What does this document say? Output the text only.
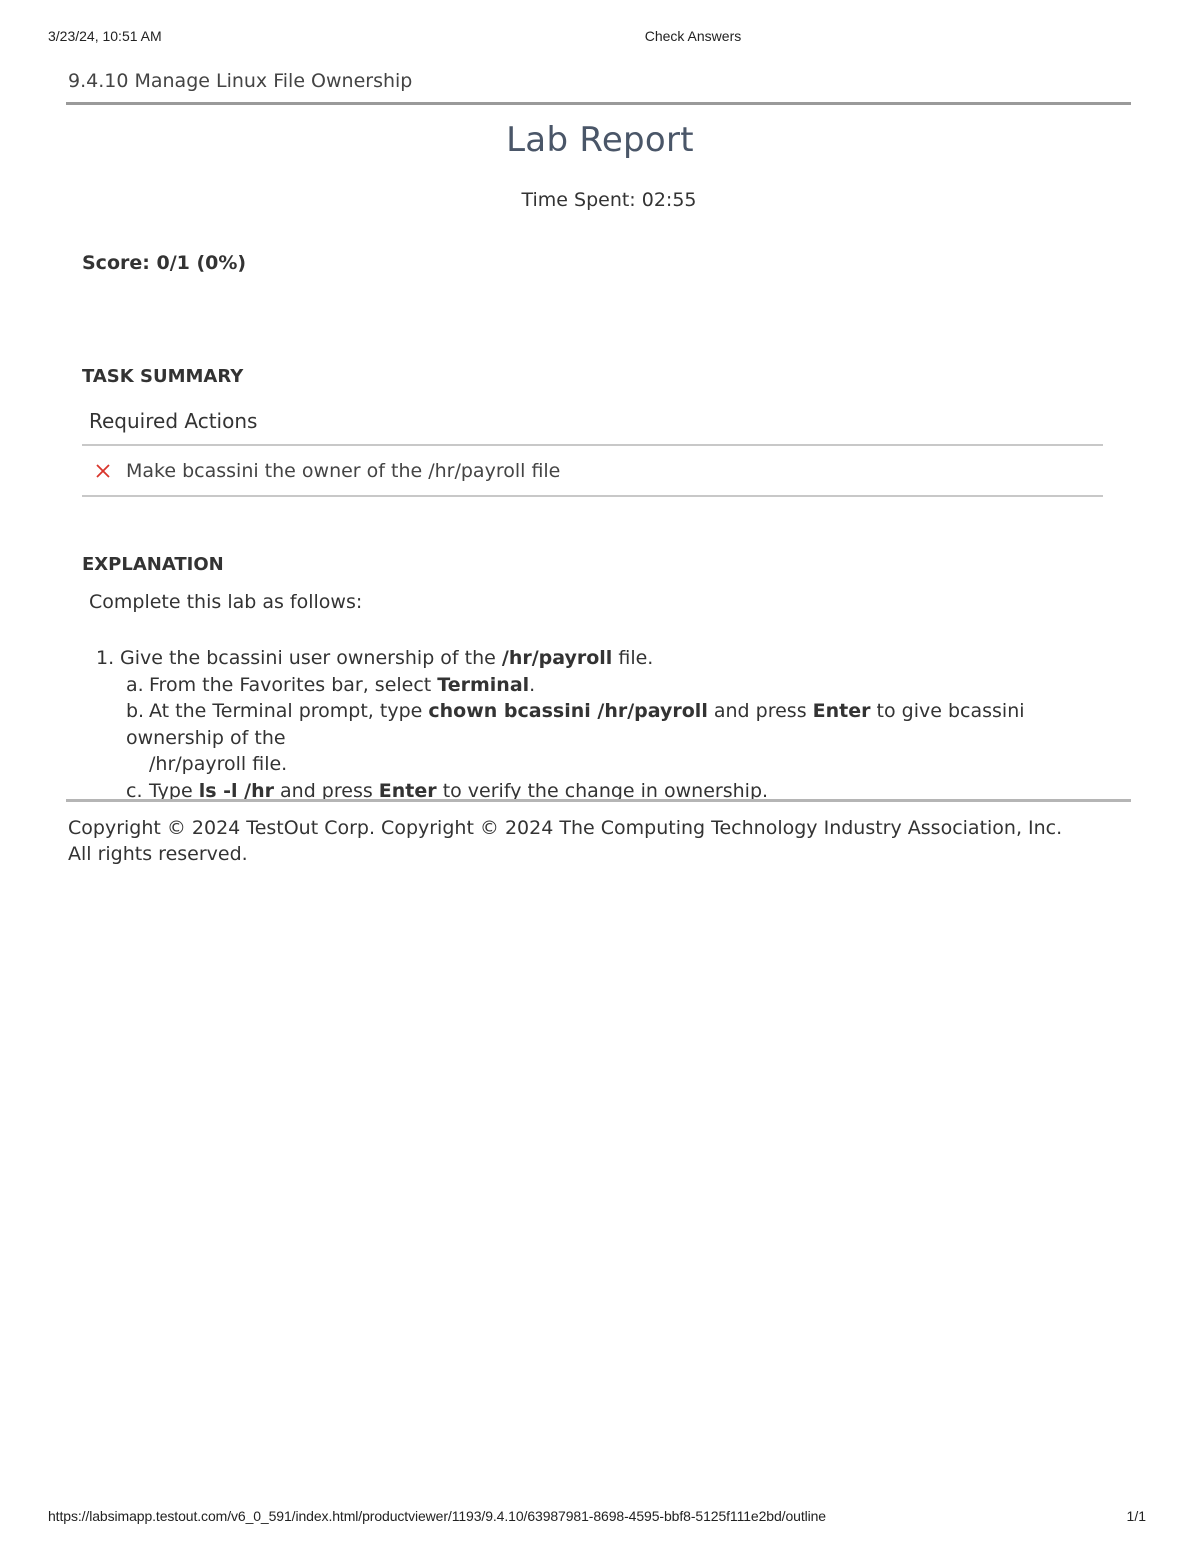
3/23/24, 10:51 AM	Check Answers
9.4.10 Manage Linux File Ownership
Lab Report
Time Spent: 02:55
Score: 0/1 (0%)
TASK SUMMARY
Required Actions
Make bcassini the owner of the /hr/payroll file
EXPLANATION
Complete this lab as follows:
1. Give the bcassini user ownership of the /hr/payroll file.
a. From the Favorites bar, select Terminal.
b. At the Terminal prompt, type chown bcassini /hr/payroll and press Enter to give bcassini ownership of the
/hr/payroll file.
c. Type ls -l /hr and press Enter to verify the change in ownership.
Copyright © 2024 TestOut Corp. Copyright © 2024 The Computing Technology Industry Association, Inc. All rights reserved.
https://labsimapp.testout.com/v6_0_591/index.html/productviewer/1193/9.4.10/63987981-8698-4595-bbf8-5125f111e2bd/outline	1/1
